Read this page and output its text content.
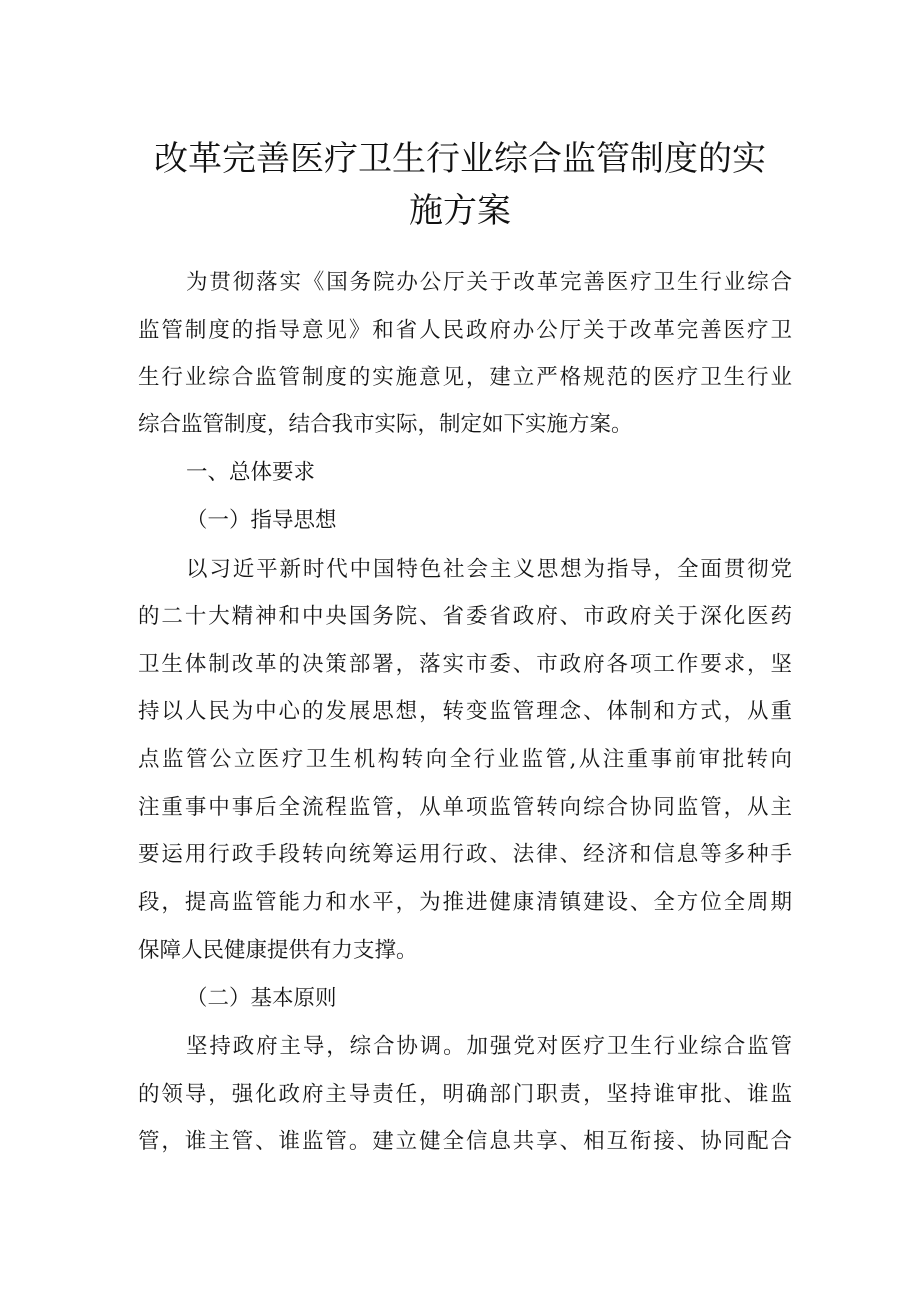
改革完善医疗卫生行业综合监管制度的实
施方案
为贯彻落实《国务院办公厅关于改革完善医疗卫生行业综合
监管制度的指导意见》和省人民政府办公厅关于改革完善医疗卫
生行业综合监管制度的实施意见，建立严格规范的医疗卫生行业
综合监管制度，结合我市实际，制定如下实施方案。
一、总体要求
（一）指导思想
以习近平新时代中国特色社会主义思想为指导，全面贯彻党
的二十大精神和中央国务院、省委省政府、市政府关于深化医药
卫生体制改革的决策部署，落实市委、市政府各项工作要求，坚
持以人民为中心的发展思想，转变监管理念、体制和方式，从重
点监管公立医疗卫生机构转向全行业监管,从注重事前审批转向
注重事中事后全流程监管，从单项监管转向综合协同监管，从主
要运用行政手段转向统筹运用行政、法律、经济和信息等多种手
段，提高监管能力和水平，为推进健康清镇建设、全方位全周期
保障人民健康提供有力支撑。
（二）基本原则
坚持政府主导，综合协调。加强党对医疗卫生行业综合监管
的领导，强化政府主导责任，明确部门职责，坚持谁审批、谁监
管，谁主管、谁监管。建立健全信息共享、相互衔接、协同配合
